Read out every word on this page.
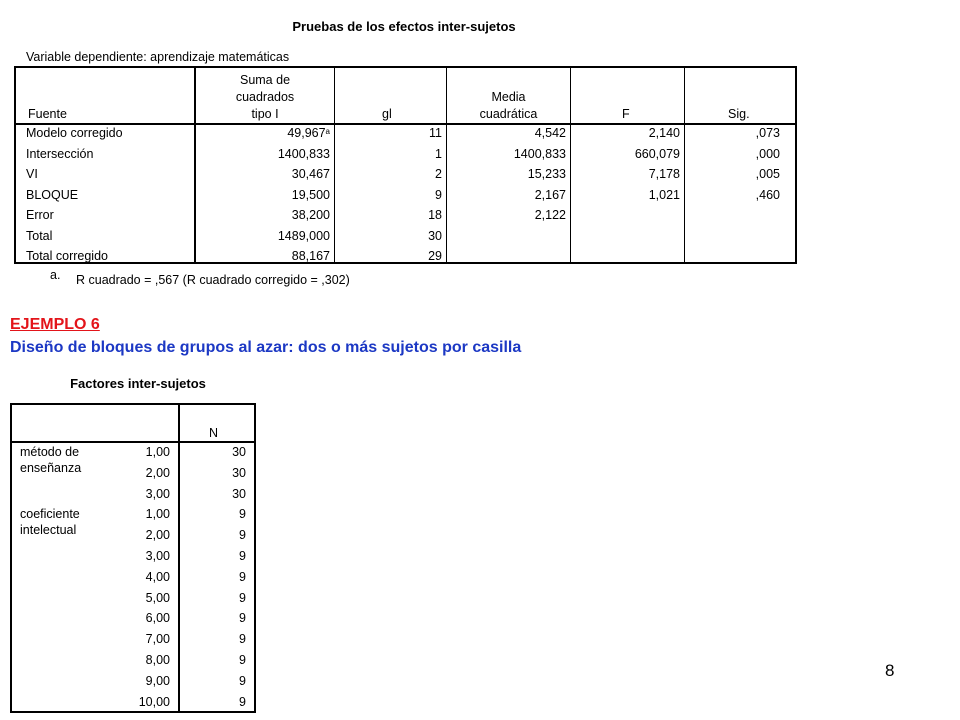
Pruebas de los efectos inter-sujetos
Variable dependiente: aprendizaje matemáticas
Fuente
Suma de
cuadrados
tipo I	gl
Media
cuadrática	F	Sig.
Modelo corregido	49,967$^a$	11	4,542	2,140	,073
Intersección	1400,833	1	1400,833	660,079	,000
VI	30,467	2	15,233	7,178	,005
BLOQUE	19,500	9	2,167	1,021	,460
Error	38,200	18	2,122
Total	1489,000	30
Total corregido	88,167	29
a. R cuadrado = ,567 (R cuadrado corregido = ,302)
EJEMPLO 6
Diseño de bloques de grupos al azar: dos o más sujetos por casilla
Factores inter-sujetos
N
método de
enseñanza
1,00	30
2,00	30
3,00	30
coeficiente
intelectual
1,00	9
2,00	9
3,00	9
4,00	9
5,00	9
6,00	9
7,00	9
8,00	9
9,00	9
10,00	9
8
